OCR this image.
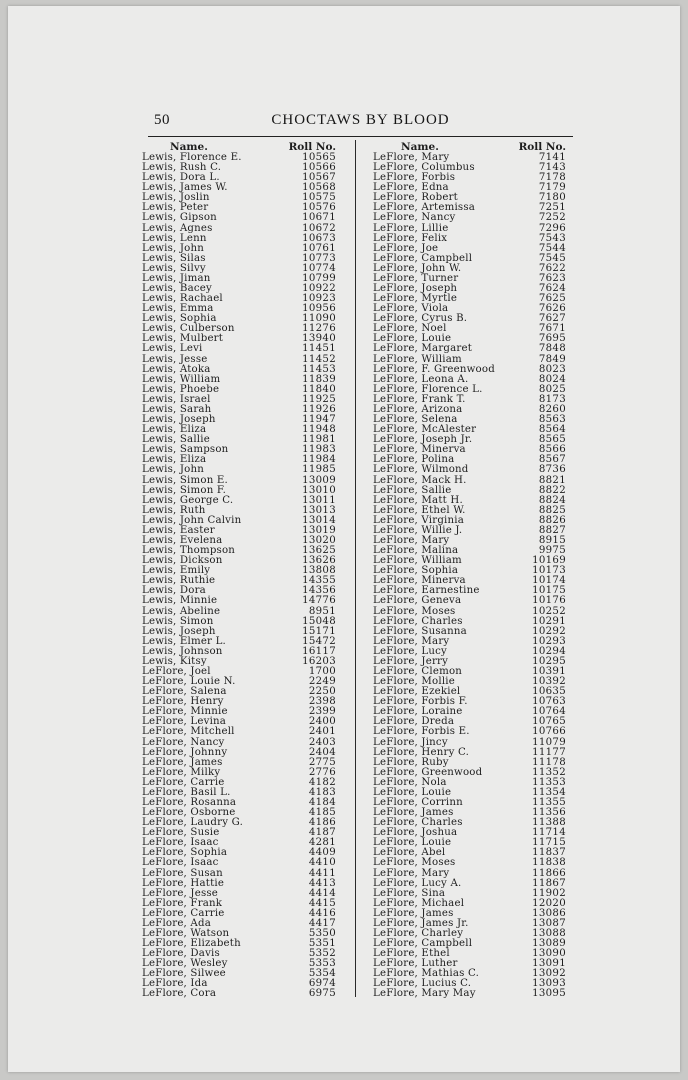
50	CHOCTAWS BY BLOOD
Name.	Roll No.
Lewis, Florence E.	10565
Lewis, Rush C.	10566
Lewis, Dora L.	10567
Lewis, James W.	10568
Lewis, Joslin	10575
Lewis, Peter	10576
Lewis, Gipson	10671
Lewis, Agnes	10672
Lewis, Lenn	10673
Lewis, John	10761
Lewis, Silas	10773
Lewis, Silvy	10774
Lewis, Jiman	10799
Lewis, Bacey	10922
Lewis, Rachael	10923
Lewis, Emma	10956
Lewis, Sophia	11090
Lewis, Culberson	11276
Lewis, Mulbert	13940
Lewis, Levi	11451
Lewis, Jesse	11452
Lewis, Atoka	11453
Lewis, William	11839
Lewis, Phoebe	11840
Lewis, Israel	11925
Lewis, Sarah	11926
Lewis, Joseph	11947
Lewis, Eliza	11948
Lewis, Sallie	11981
Lewis, Sampson	11983
Lewis, Eliza	11984
Lewis, John	11985
Lewis, Simon E.	13009
Lewis, Simon F.	13010
Lewis, George C.	13011
Lewis, Ruth	13013
Lewis, John Calvin	13014
Lewis, Easter	13019
Lewis, Evelena	13020
Lewis, Thompson	13625
Lewis, Dickson	13626
Lewis, Emily	13808
Lewis, Ruthie	14355
Lewis, Dora	14356
Lewis, Minnie	14776
Lewis, Abeline	8951
Lewis, Simon	15048
Lewis, Joseph	15171
Lewis, Elmer L.	15472
Lewis, Johnson	16117
Lewis, Kitsy	16203
LeFlore, Joel	1700
LeFlore, Louie N.	2249
LeFlore, Salena	2250
LeFlore, Henry	2398
LeFlore, Minnie	2399
LeFlore, Levina	2400
LeFlore, Mitchell	2401
LeFlore, Nancy	2403
LeFlore, Johnny	2404
LeFlore, James	2775
LeFlore, Milky	2776
LeFlore, Carrie	4182
LeFlore, Basil L.	4183
LeFlore, Rosanna	4184
LeFlore, Osborne	4185
LeFlore, Laudry G.	4186
LeFlore, Susie	4187
LeFlore, Isaac	4281
LeFlore, Sophia	4409
LeFlore, Isaac	4410
LeFlore, Susan	4411
LeFlore, Hattie	4413
LeFlore, Jesse	4414
LeFlore, Frank	4415
LeFlore, Carrie	4416
LeFlore, Ada	4417
LeFlore, Watson	5350
LeFlore, Elizabeth	5351
LeFlore, Davis	5352
LeFlore, Wesley	5353
LeFlore, Silwee	5354
LeFlore, Ida	6974
LeFlore, Cora	6975
Name.	Roll No.
LeFlore, Mary	7141
LeFlore, Columbus	7143
LeFlore, Forbis	7178
LeFlore, Edna	7179
LeFlore, Robert	7180
LeFlore, Artemissa	7251
LeFlore, Nancy	7252
LeFlore, Lillie	7296
LeFlore, Felix	7543
LeFlore, Joe	7544
LeFlore, Campbell	7545
LeFlore, John W.	7622
LeFlore, Turner	7623
LeFlore, Joseph	7624
LeFlore, Myrtle	7625
LeFlore, Viola	7626
LeFlore, Cyrus B.	7627
LeFlore, Noel	7671
LeFlore, Louie	7695
LeFlore, Margaret	7848
LeFlore, William	7849
LeFlore, F. Greenwood	8023
LeFlore, Leona A.	8024
LeFlore, Florence L.	8025
LeFlore, Frank T.	8173
LeFlore, Arizona	8260
LeFlore, Selena	8563
LeFlore, McAlester	8564
LeFlore, Joseph Jr.	8565
LeFlore, Minerva	8566
LeFlore, Polina	8567
LeFlore, Wilmond	8736
LeFlore, Mack H.	8821
LeFlore, Sallie	8822
LeFlore, Matt H.	8824
LeFlore, Ethel W.	8825
LeFlore, Virginia	8826
LeFlore, Willie J.	8827
LeFlore, Mary	8915
LeFlore, Malina	9975
LeFlore, William	10169
LeFlore, Sophia	10173
LeFlore, Minerva	10174
LeFlore, Earnestine	10175
LeFlore, Geneva	10176
LeFlore, Moses	10252
LeFlore, Charles	10291
LeFlore, Susanna	10292
LeFlore, Mary	10293
LeFlore, Lucy	10294
LeFlore, Jerry	10295
LeFlore, Clemon	10391
LeFlore, Mollie	10392
LeFlore, Ezekiel	10635
LeFlore, Forbis F.	10763
LeFlore, Loraine	10764
LeFlore, Dreda	10765
LeFlore, Forbis E.	10766
LeFlore, Jincy	11079
LeFlore, Henry C.	11177
LeFlore, Ruby	11178
LeFlore, Greenwood	11352
LeFlore, Nola	11353
LeFlore, Louie	11354
LeFlore, Corrinn	11355
LeFlore, James	11356
LeFlore, Charles	11388
LeFlore, Joshua	11714
LeFlore, Louie	11715
LeFlore, Abel	11837
LeFlore, Moses	11838
LeFlore, Mary	11866
LeFlore, Lucy A.	11867
LeFlore, Sina	11902
LeFlore, Michael	12020
LeFlore, James	13086
LeFlore, James Jr.	13087
LeFlore, Charley	13088
LeFlore, Campbell	13089
LeFlore, Ethel	13090
LeFlore, Luther	13091
LeFlore, Mathias C.	13092
LeFlore, Lucius C.	13093
LeFlore, Mary May	13095
